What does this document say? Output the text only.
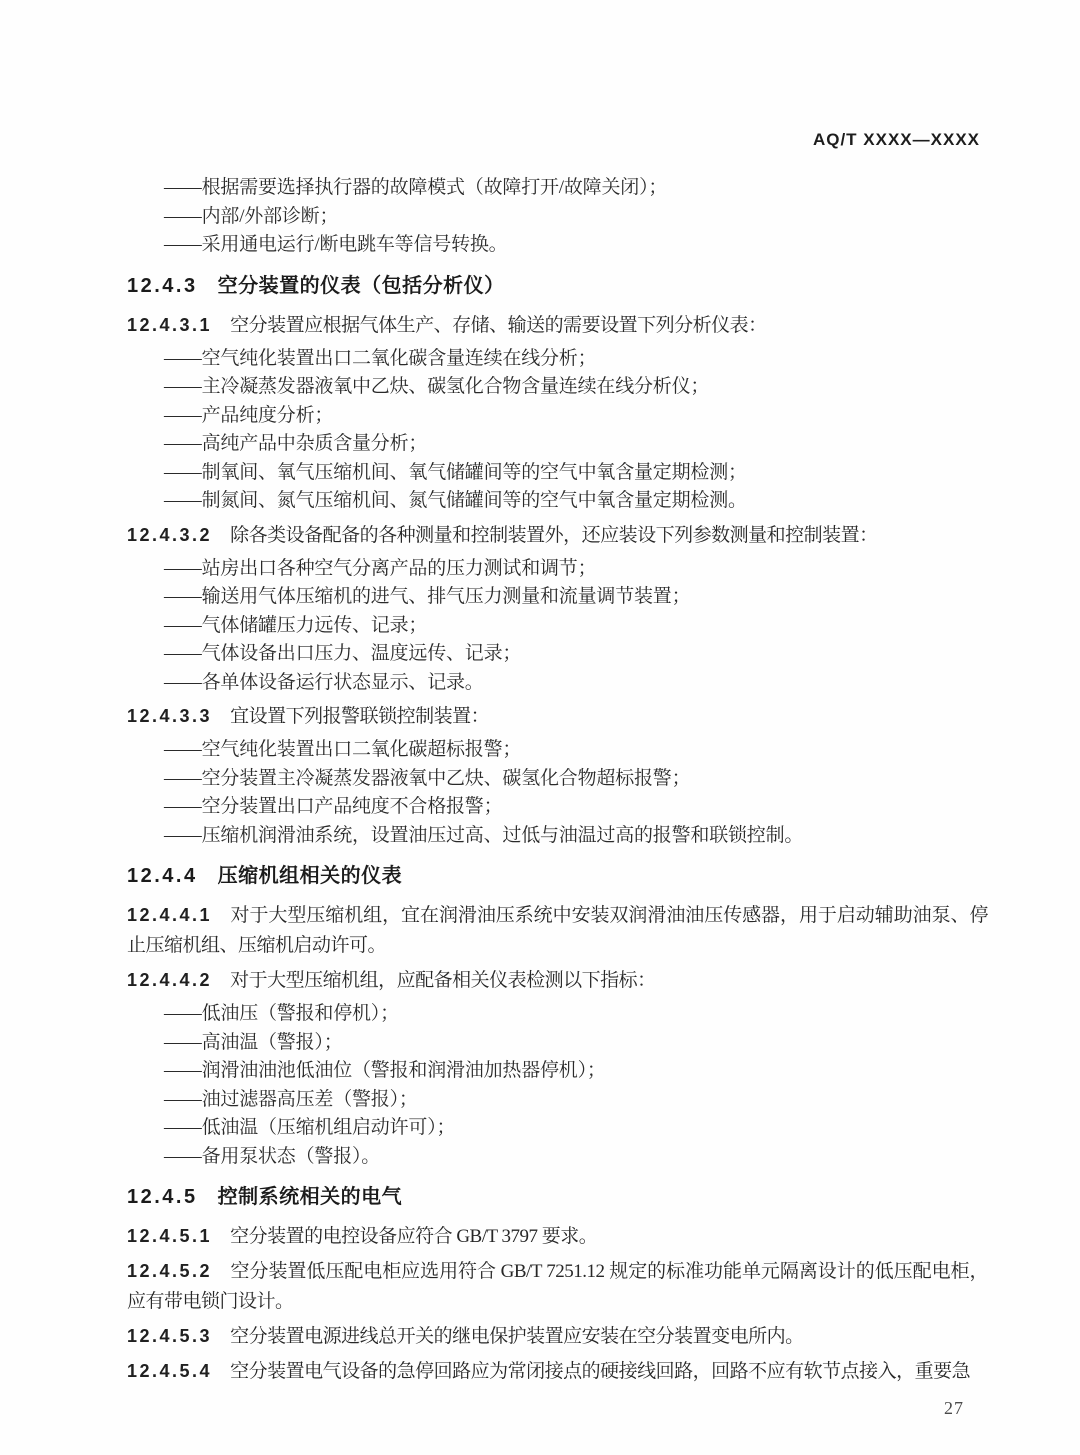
AQ/T XXXX—XXXX

——根据需要选择执行器的故障模式（故障打开/故障关闭）；

——内部/外部诊断；

——采用通电运行/断电跳车等信号转换。

12.4.3 空分装置的仪表（包括分析仪）

12.4.3.1 空分装置应根据气体生产、存储、输送的需要设置下列分析仪表：

——空气纯化装置出口二氧化碳含量连续在线分析；

——主冷凝蒸发器液氧中乙炔、碳氢化合物含量连续在线分析仪；

——产品纯度分析；

——高纯产品中杂质含量分析；

——制氧间、氧气压缩机间、氧气储罐间等的空气中氧含量定期检测；

——制氮间、氮气压缩机间、氮气储罐间等的空气中氧含量定期检测。

12.4.3.2 除各类设备配备的各种测量和控制装置外，还应装设下列参数测量和控制装置：

——站房出口各种空气分离产品的压力测试和调节；

——输送用气体压缩机的进气、排气压力测量和流量调节装置；

——气体储罐压力远传、记录；

——气体设备出口压力、温度远传、记录；

——各单体设备运行状态显示、记录。

12.4.3.3 宜设置下列报警联锁控制装置：

——空气纯化装置出口二氧化碳超标报警；

——空分装置主冷凝蒸发器液氧中乙炔、碳氢化合物超标报警；

——空分装置出口产品纯度不合格报警；

——压缩机润滑油系统，设置油压过高、过低与油温过高的报警和联锁控制。

12.4.4 压缩机组相关的仪表

12.4.4.1 对于大型压缩机组，宜在润滑油压系统中安装双润滑油油压传感器，用于启动辅助油泵、停止压缩机组、压缩机启动许可。

12.4.4.2 对于大型压缩机组，应配备相关仪表检测以下指标：

——低油压（警报和停机）；

——高油温（警报）；

——润滑油油池低油位（警报和润滑油加热器停机）；

——油过滤器高压差（警报）；

——低油温（压缩机组启动许可）；

——备用泵状态（警报）。

12.4.5 控制系统相关的电气

12.4.5.1 空分装置的电控设备应符合 GB/T 3797 要求。

12.4.5.2 空分装置低压配电柜应选用符合 GB/T 7251.12 规定的标准功能单元隔离设计的低压配电柜，应有带电锁门设计。

12.4.5.3 空分装置电源进线总开关的继电保护装置应安装在空分装置变电所内。

12.4.5.4 空分装置电气设备的急停回路应为常闭接点的硬接线回路，回路不应有软节点接入，重要急

27
